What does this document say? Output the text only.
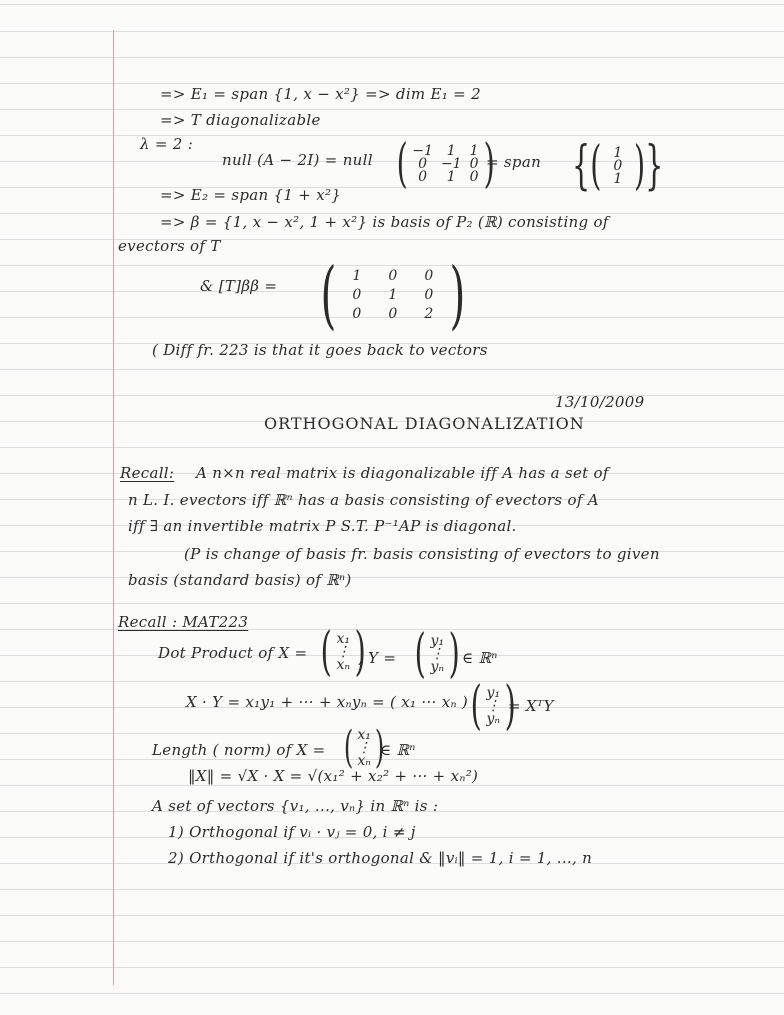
=> E₁ = span {1, x − x²} => dim E₁ = 2
=> T diagonalizable
λ = 2 :
null (A − 2I) = null ( −1 1 1
0 −1 0
0	1 0 )
= span {( 1
0
1 )}
=> E₂ = span {1 + x²}
=> β = {1, x − x², 1 + x²} is basis of P₂ (ℝ) consisting of
evectors of T
& [T]ββ = (	1	0	0
0	1	0
0	0	2 )
( Diff fr. 223 is that it goes back to vectors
13/10/2009
ORTHOGONAL DIAGONALIZATION
Recall: A n×n real matrix is diagonalizable iff A has a set of
n L. I. evectors iff ℝⁿ has a basis consisting of evectors of A
iff ∃ an invertible matrix P S.T. P⁻¹AP is diagonal.
(P is change of basis fr. basis consisting of evectors to given
basis (standard basis) of ℝⁿ)
Recall : MAT223
Dot Product of X = ( x₁
⋮
xₙ )
, Y = ( y₁
⋮
yₙ ) ∈ ℝⁿ
X · Y = x₁y₁ + ··· + xₙyₙ = ( x₁ ··· xₙ ) ( y₁
⋮
yₙ )
= XᵀY
Length ( norm) of X = ( x₁
⋮
xₙ )
∈ ℝⁿ
‖X‖ = √X · X = √(x₁² + x₂² + ··· + xₙ²)
A set of vectors {v₁, ..., vₙ} in ℝⁿ is :
1) Orthogonal if vᵢ · vⱼ = 0, i ≠ j
2) Orthogonal if it's orthogonal & ‖vᵢ‖ = 1, i = 1, ..., n
